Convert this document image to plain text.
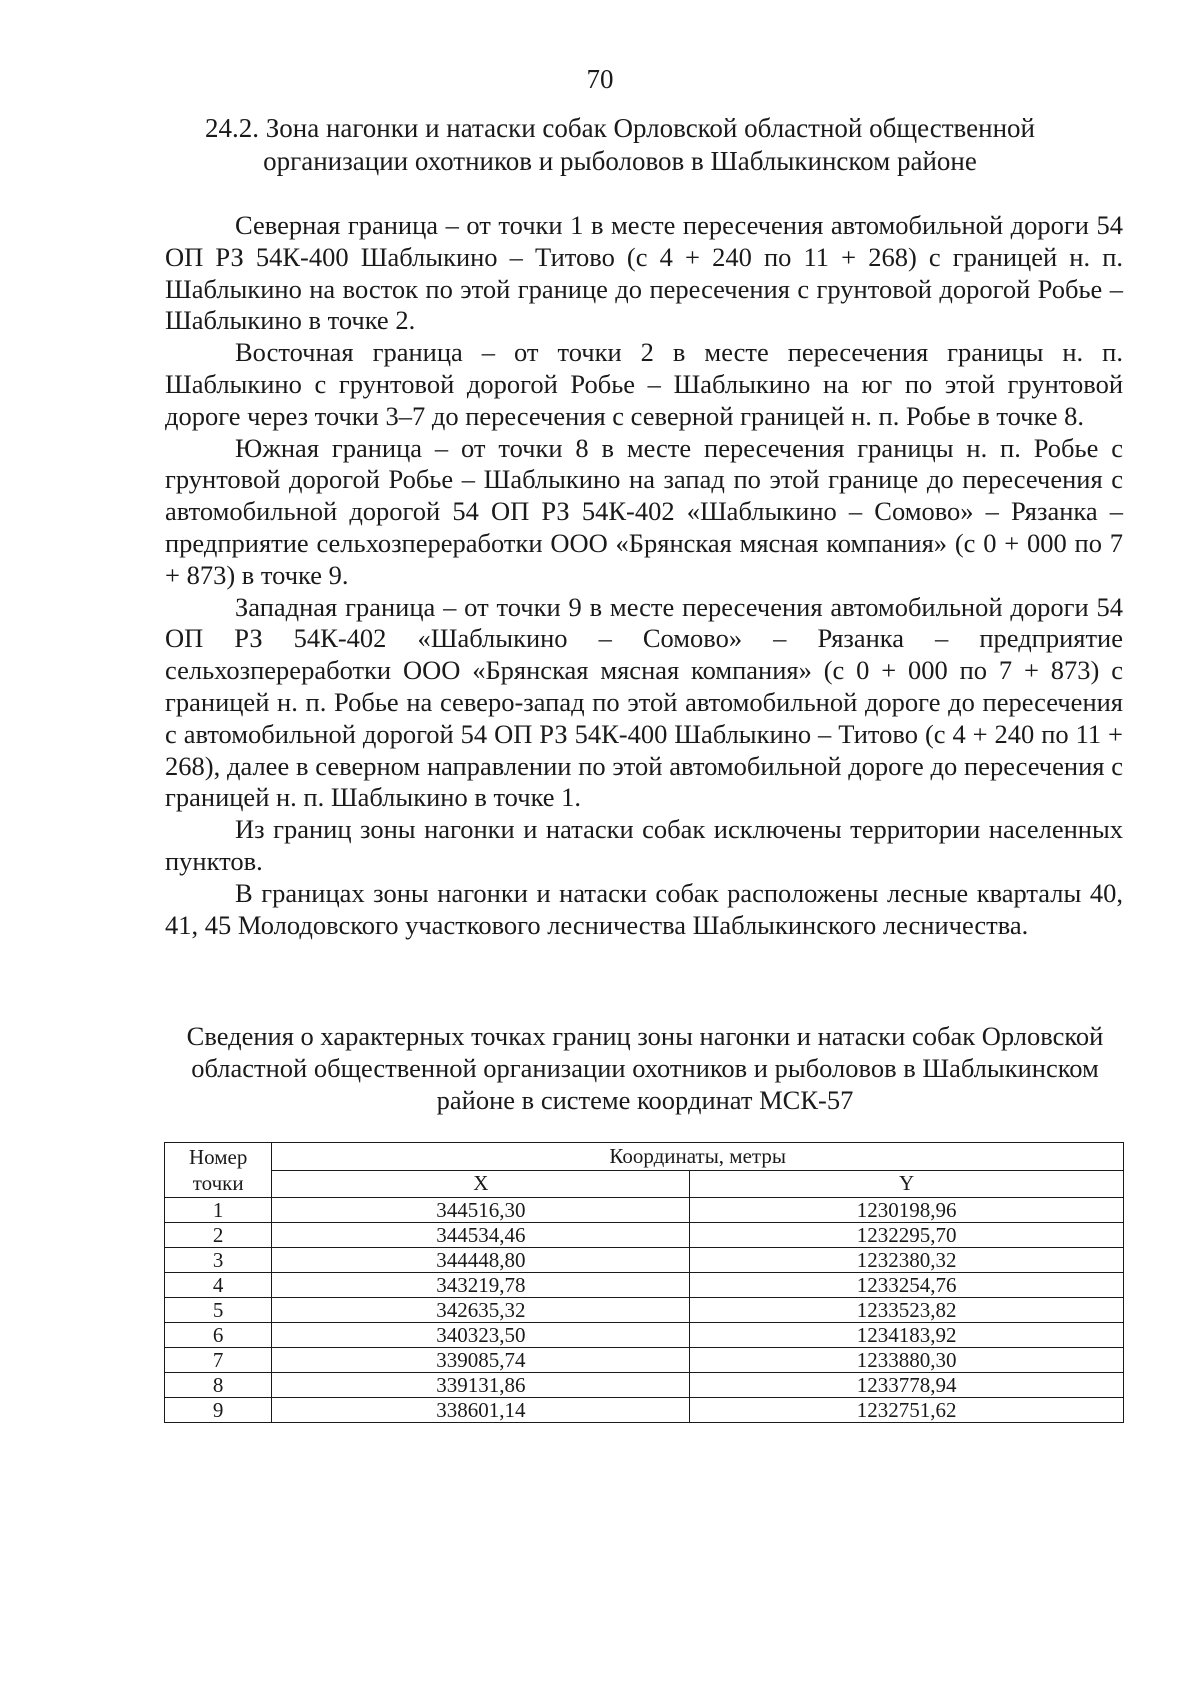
70
24.2. Зона нагонки и натаски собак Орловской областной общественной организации охотников и рыболовов в Шаблыкинском районе

Северная граница – от точки 1 в месте пересечения автомобильной дороги 54 ОП РЗ 54К-400 Шаблыкино – Титово (с 4 + 240 по 11 + 268) с границей н. п. Шаблыкино на восток по этой границе до пересечения с грунтовой дорогой Робье – Шаблыкино в точке 2.

Восточная граница – от точки 2 в месте пересечения границы н. п. Шаблыкино с грунтовой дорогой Робье – Шаблыкино на юг по этой грунтовой дороге через точки 3–7 до пересечения с северной границей н. п. Робье в точке 8.

Южная граница – от точки 8 в месте пересечения границы н. п. Робье с грунтовой дорогой Робье – Шаблыкино на запад по этой границе до пересечения с автомобильной дорогой 54 ОП РЗ 54К-402 «Шаблыкино – Сомово» – Рязанка – предприятие сельхозпереработки ООО «Брянская мясная компания» (с 0 + 000 по 7 + 873) в точке 9.

Западная граница – от точки 9 в месте пересечения автомобильной дороги 54 ОП РЗ 54К-402 «Шаблыкино – Сомово» – Рязанка – предприятие сельхозпереработки ООО «Брянская мясная компания» (с 0 + 000 по 7 + 873) с границей н. п. Робье на северо-запад по этой автомобильной дороге до пересечения с автомобильной дорогой 54 ОП РЗ 54К-400 Шаблыкино – Титово (с 4 + 240 по 11 + 268), далее в северном направлении по этой автомобильной дороге до пересечения с границей н. п. Шаблыкино в точке 1.

Из границ зоны нагонки и натаски собак исключены территории населенных пунктов.

В границах зоны нагонки и натаски собак расположены лесные кварталы 40, 41, 45 Молодовского участкового лесничества Шаблыкинского лесничества.

Сведения о характерных точках границ зоны нагонки и натаски собак Орловской областной общественной организации охотников и рыболовов в Шаблыкинском районе в системе координат МСК-57
Номер
точки	Координаты, метры	
	X	Y
1	344516,30	1230198,96
2	344534,46	1232295,70
3	344448,80	1232380,32
4	343219,78	1233254,76
5	342635,32	1233523,82
6	340323,50	1234183,92
7	339085,74	1233880,30
8	339131,86	1233778,94
9	338601,14	1232751,62
